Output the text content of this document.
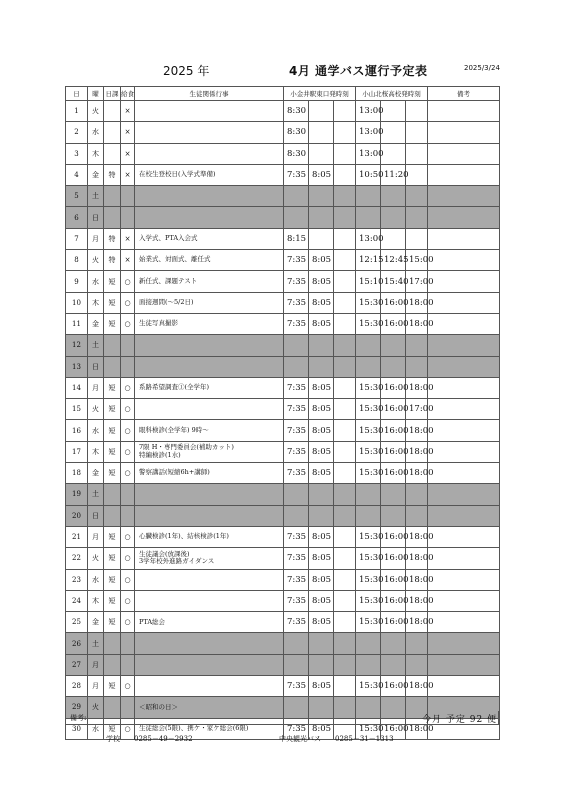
2025 年	4月 通学バス運行予定表	2025/3/24
日	曜	日課	給食	生徒関係行事	小金井駅東口発時刻			小山北桜高校発時刻			備考
1	火		×		8:30			13:00			
2	水		×		8:30			13:00			
3	木		×		8:30			13:00			
4	金	特	×	在校生登校日(入学式準備)	7:35	8:05		10:50	11:20		
5	土										
6	日										
7	月	特	×	入学式、PTA入会式	8:15			13:00			
8	火	特	×	始業式、対面式、離任式	7:35	8:05		12:15	12:45	15:00	
9	水	短	○	新任式、課題テスト	7:35	8:05		15:10	15:40	17:00	
10	木	短	○	面接週間(～5/2日)	7:35	8:05		15:30	16:00	18:00	
11	金	短	○	生徒写真撮影	7:35	8:05		15:30	16:00	18:00	
12	土										
13	日										
14	月	短	○	系路希望調査①(全学年)	7:35	8:05		15:30	16:00	18:00	
15	火	短	○		7:35	8:05		15:30	16:00	17:00	
16	水	短	○	眼科検診(全学年) 9時～	7:35	8:05		15:30	16:00	18:00	
17	木	短	○	7限 H・専門委員会(補助カット)
特編検診(1水)	7:35	8:05		15:30	16:00	18:00	
18	金	短	○	警察講話(短縮6h+講師)	7:35	8:05		15:30	16:00	18:00	
19	土										
20	日										
21	月	短	○	心臓検診(1年)、結核検診(1年)	7:35	8:05		15:30	16:00	18:00	
22	火	短	○	生徒議会(放課後)
3学年校外進路ガイダンス	7:35	8:05		15:30	16:00	18:00	
23	水	短	○		7:35	8:05		15:30	16:00	18:00	
24	木	短	○		7:35	8:05		15:30	16:00	18:00	
25	金	短	○	PTA総会	7:35	8:05		15:30	16:00	18:00	
26	土										
27	月										
28	月	短	○		7:35	8:05		15:30	16:00	18:00	
29	火			＜昭和の日＞							
30	水	短	○	生徒総会(5限)、携ケ・家ケ総会(6限)	7:35	8:05		15:30	16:00	18:00	
備考:	今月 予定 92 便
学校　　0285－49－2932	中央観光バス　　0285－31－1313
